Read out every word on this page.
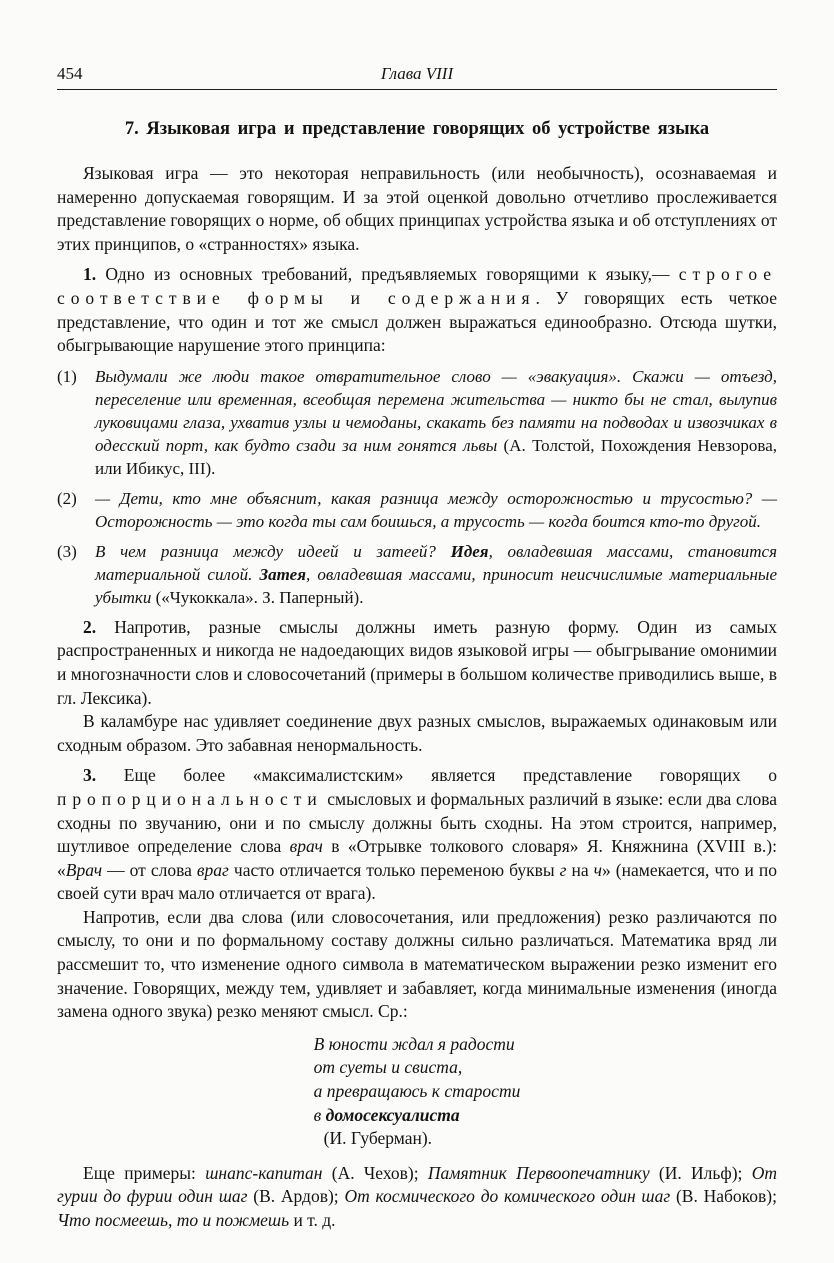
454	Глава VIII
7. Языковая игра и представление говорящих об устройстве языка

Языковая игра — это некоторая неправильность (или необычность), осознаваемая и намеренно допускаемая говорящим. И за этой оценкой довольно отчетливо прослеживается представление говорящих о норме, об общих принципах устройства языка и об отступлениях от этих принципов, о «странностях» языка.

1. Одно из основных требований, предъявляемых говорящими к языку,— строгое соответствие формы и содержания. У говорящих есть четкое представление, что один и тот же смысл должен выражаться единообразно. Отсюда шутки, обыгрывающие нарушение этого принципа:

(1)	Выдумали же люди такое отвратительное слово — «эвакуация». Скажи — отъезд, переселение или временная, всеобщая перемена жительства — никто бы не стал, вылупив луковицами глаза, ухватив узлы и чемоданы, скакать без памяти на подводах и извозчиках в одесский порт, как будто сзади за ним гонятся львы (А. Толстой, Похождения Невзорова, или Ибикус, III).
(2)	— Дети, кто мне объяснит, какая разница между осторожностью и трусостью? — Осторожность — это когда ты сам боишься, а трусость — когда боится кто-то другой.
(3)	В чем разница между идеей и затеей? Идея, овладевшая массами, становится материальной силой. Затея, овладевшая массами, приносит неисчислимые материальные убытки («Чукоккала». З. Паперный).

2. Напротив, разные смыслы должны иметь разную форму. Один из самых распространенных и никогда не надоедающих видов языковой игры — обыгрывание омонимии и многозначности слов и словосочетаний (примеры в большом количестве приводились выше, в гл. Лексика).

В каламбуре нас удивляет соединение двух разных смыслов, выражаемых одинаковым или сходным образом. Это забавная ненормальность.

3. Еще более «максималистским» является представление говорящих о пропорциональности смысловых и формальных различий в языке: если два слова сходны по звучанию, они и по смыслу должны быть сходны. На этом строится, например, шутливое определение слова врач в «Отрывке толкового словаря» Я. Княжнина (XVIII в.): «Врач — от слова враг часто отличается только переменою буквы г на ч» (намекается, что и по своей сути врач мало отличается от врага).

Напротив, если два слова (или словосочетания, или предложения) резко различаются по смыслу, то они и по формальному составу должны сильно различаться. Математика вряд ли рассмешит то, что изменение одного символа в математическом выражении резко изменит его значение. Говорящих, между тем, удивляет и забавляет, когда минимальные изменения (иногда замена одного звука) резко меняют смысл. Ср.:

В юности ждал я радости
от суеты и свиста,
а превращаюсь к старости
в домосексуалиста
(И. Губерман).

Еще примеры: шнапс-капитан (А. Чехов); Памятник Первоопечатнику (И. Ильф); От гурии до фурии один шаг (В. Ардов); От космического до комического один шаг (В. Набоков); Что посмеешь, то и пожмешь и т. д.
